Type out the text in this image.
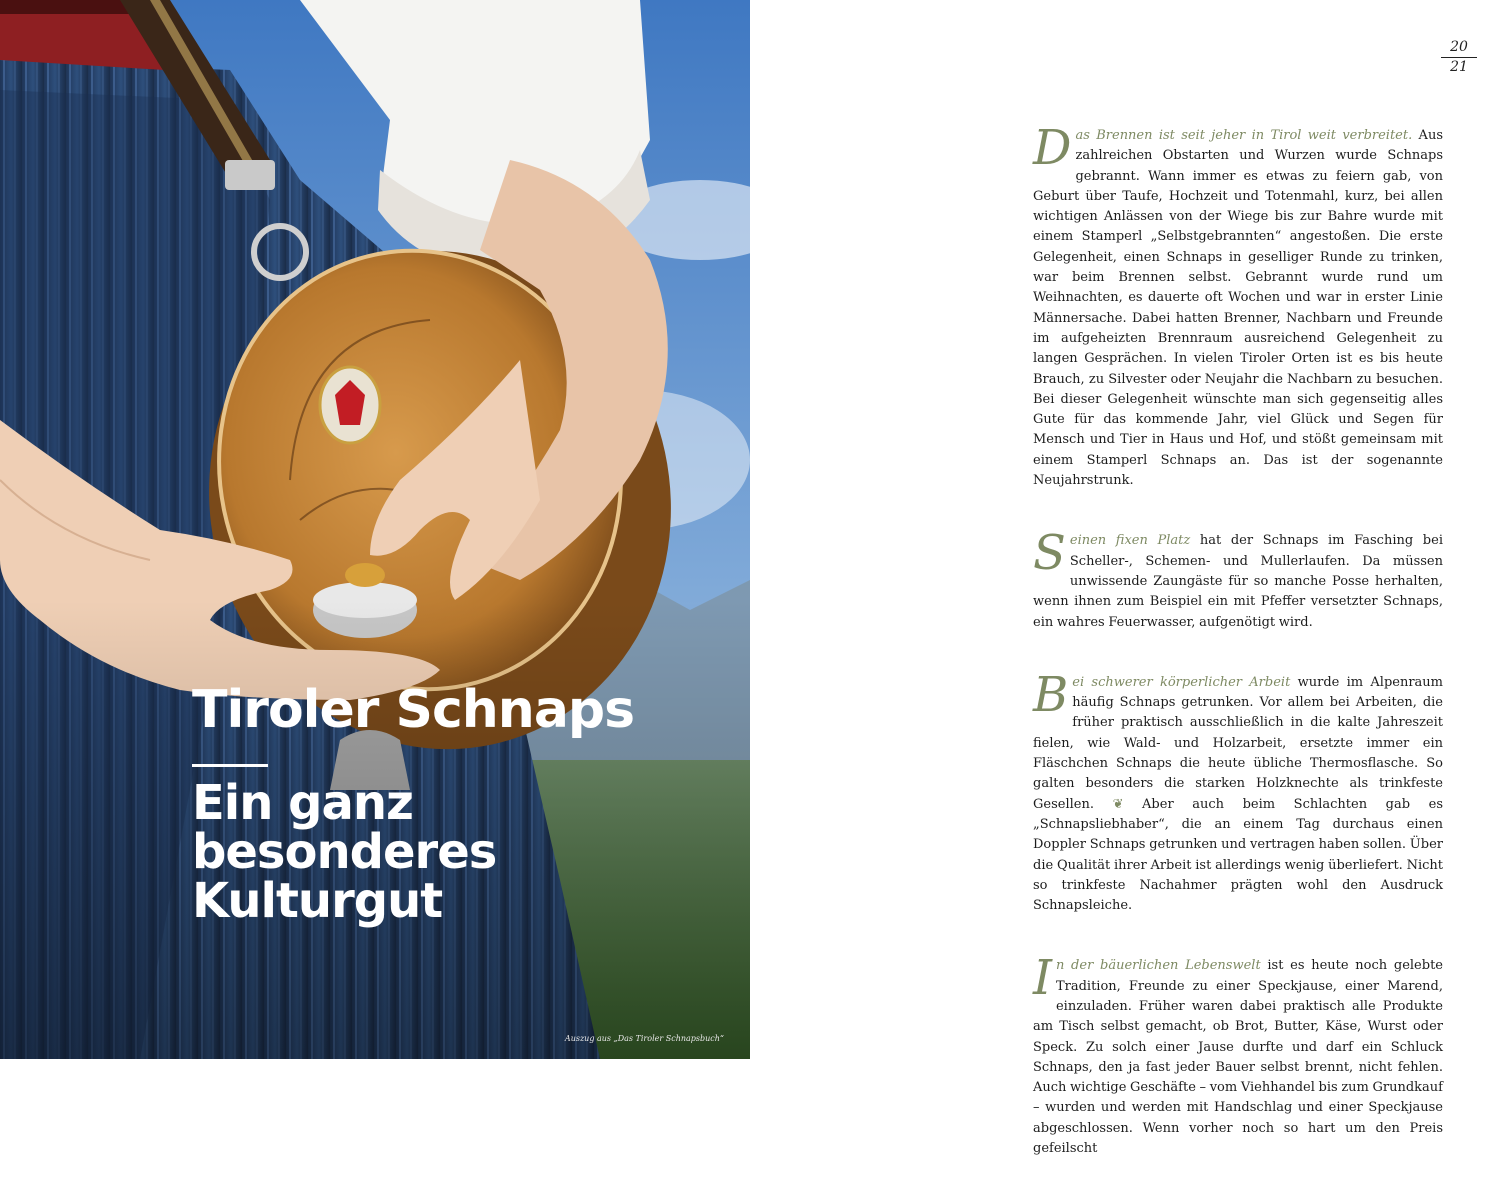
Tiroler Schnaps
Ein ganz
besonderes
Kulturgut
Auszug aus „Das Tiroler Schnapsbuch“
20
21

Das Brennen ist seit jeher in Tirol weit verbreitet. Aus zahlreichen Obstarten und Wurzen wurde Schnaps gebrannt. Wann immer es etwas zu feiern gab, von Geburt über Taufe, Hochzeit und Totenmahl, kurz, bei allen wichtigen Anlässen von der Wiege bis zur Bahre wurde mit einem Stamperl „Selbstgebrannten“ angestoßen. Die erste Gelegenheit, einen Schnaps in geselliger Runde zu trinken, war beim Brennen selbst. Gebrannt wurde rund um Weihnachten, es dauerte oft Wochen und war in erster Linie Männersache. Dabei hatten Brenner, Nachbarn und Freunde im aufgeheizten Brennraum ausreichend Gelegenheit zu langen Gesprächen. In vielen Tiroler Orten ist es bis heute Brauch, zu Silvester oder Neujahr die Nachbarn zu besuchen. Bei dieser Gelegenheit wünschte man sich gegenseitig alles Gute für das kommende Jahr, viel Glück und Segen für Mensch und Tier in Haus und Hof, und stößt gemeinsam mit einem Stamperl Schnaps an. Das ist der sogenannte Neujahrstrunk.

Seinen fixen Platz hat der Schnaps im Fasching bei Scheller-, Schemen- und Mullerlaufen. Da müssen unwissende Zaungäste für so manche Posse herhalten, wenn ihnen zum Beispiel ein mit Pfeffer versetzter Schnaps, ein wahres Feuerwasser, aufgenötigt wird.

Bei schwerer körperlicher Arbeit wurde im Alpenraum häufig Schnaps getrunken. Vor allem bei Arbeiten, die früher praktisch ausschließlich in die kalte Jahreszeit fielen, wie Wald- und Holzarbeit, ersetzte immer ein Fläschchen Schnaps die heute übliche Thermosflasche. So galten besonders die starken Holzknechte als trinkfeste Gesellen. ❦ Aber auch beim Schlachten gab es „Schnapsliebhaber“, die an einem Tag durchaus einen Doppler Schnaps getrunken und vertragen haben sollen. Über die Qualität ihrer Arbeit ist allerdings wenig überliefert. Nicht so trinkfeste Nachahmer prägten wohl den Ausdruck Schnapsleiche.

In der bäuerlichen Lebenswelt ist es heute noch gelebte Tradition, Freunde zu einer Speckjause, einer Marend, einzuladen. Früher waren dabei praktisch alle Produkte am Tisch selbst gemacht, ob Brot, Butter, Käse, Wurst oder Speck. Zu solch einer Jause durfte und darf ein Schluck Schnaps, den ja fast jeder Bauer selbst brennt, nicht fehlen. Auch wichtige Geschäfte – vom Viehhandel bis zum Grundkauf – wurden und werden mit Handschlag und einer Speckjause abgeschlossen. Wenn vorher noch so hart um den Preis gefeilscht
